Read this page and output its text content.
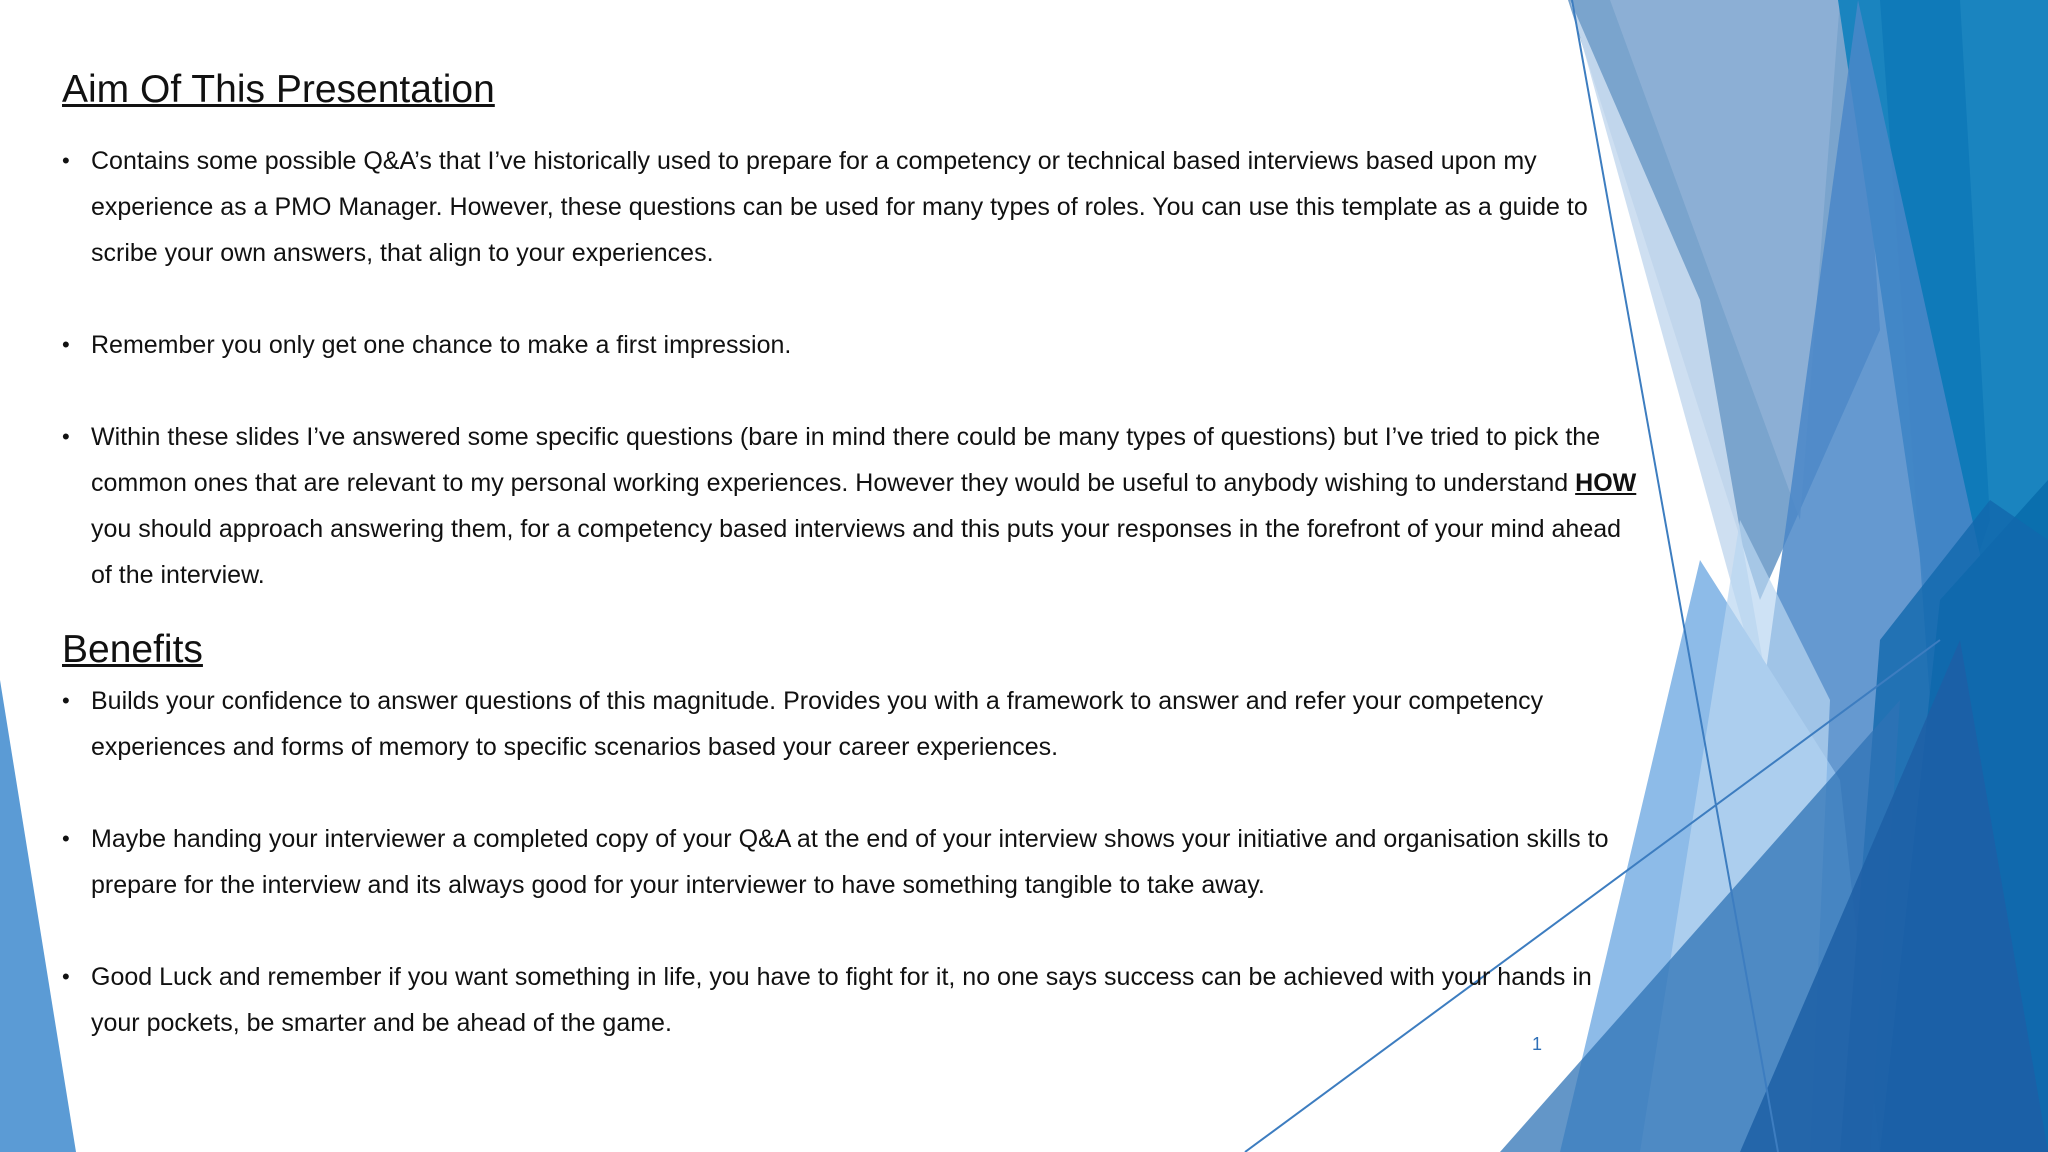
Aim Of This Presentation
• Contains some possible Q&A’s that I’ve historically used to prepare for a competency or technical based interviews based upon my experience as a PMO Manager. However, these questions can be used for many types of roles. You can use this template as a guide to scribe your own answers, that align to your experiences.
• Remember you only get one chance to make a first impression.
• Within these slides I’ve answered some specific questions (bare in mind there could be many types of questions) but I’ve tried to pick the common ones that are relevant to my personal working experiences. However they would be useful to anybody wishing to understand HOW you should approach answering them, for a competency based interviews and this puts your responses in the forefront of your mind ahead of the interview.
Benefits
• Builds your confidence to answer questions of this magnitude. Provides you with a framework to answer and refer your competency experiences and forms of memory to specific scenarios based your career experiences.
• Maybe handing your interviewer a completed copy of your Q&A at the end of your interview shows your initiative and organisation skills to prepare for the interview and its always good for your interviewer to have something tangible to take away.
• Good Luck and remember if you want something in life, you have to fight for it, no one says success can be achieved with your hands in your pockets, be smarter and be ahead of the game.
1
